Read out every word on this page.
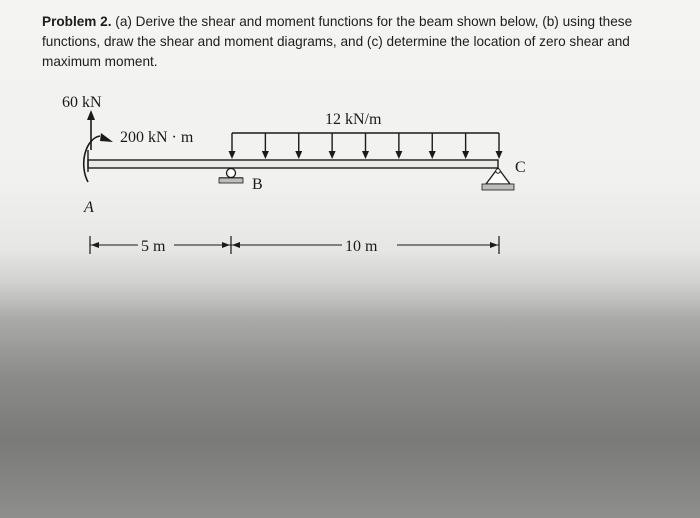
Problem 2. (a) Derive the shear and moment functions for the beam shown below, (b) using these functions, draw the shear and moment diagrams, and (c) determine the location of zero shear and maximum moment.
60 kN
200 kN · m
12 kN/m
B
C
A
5 m	10 m
